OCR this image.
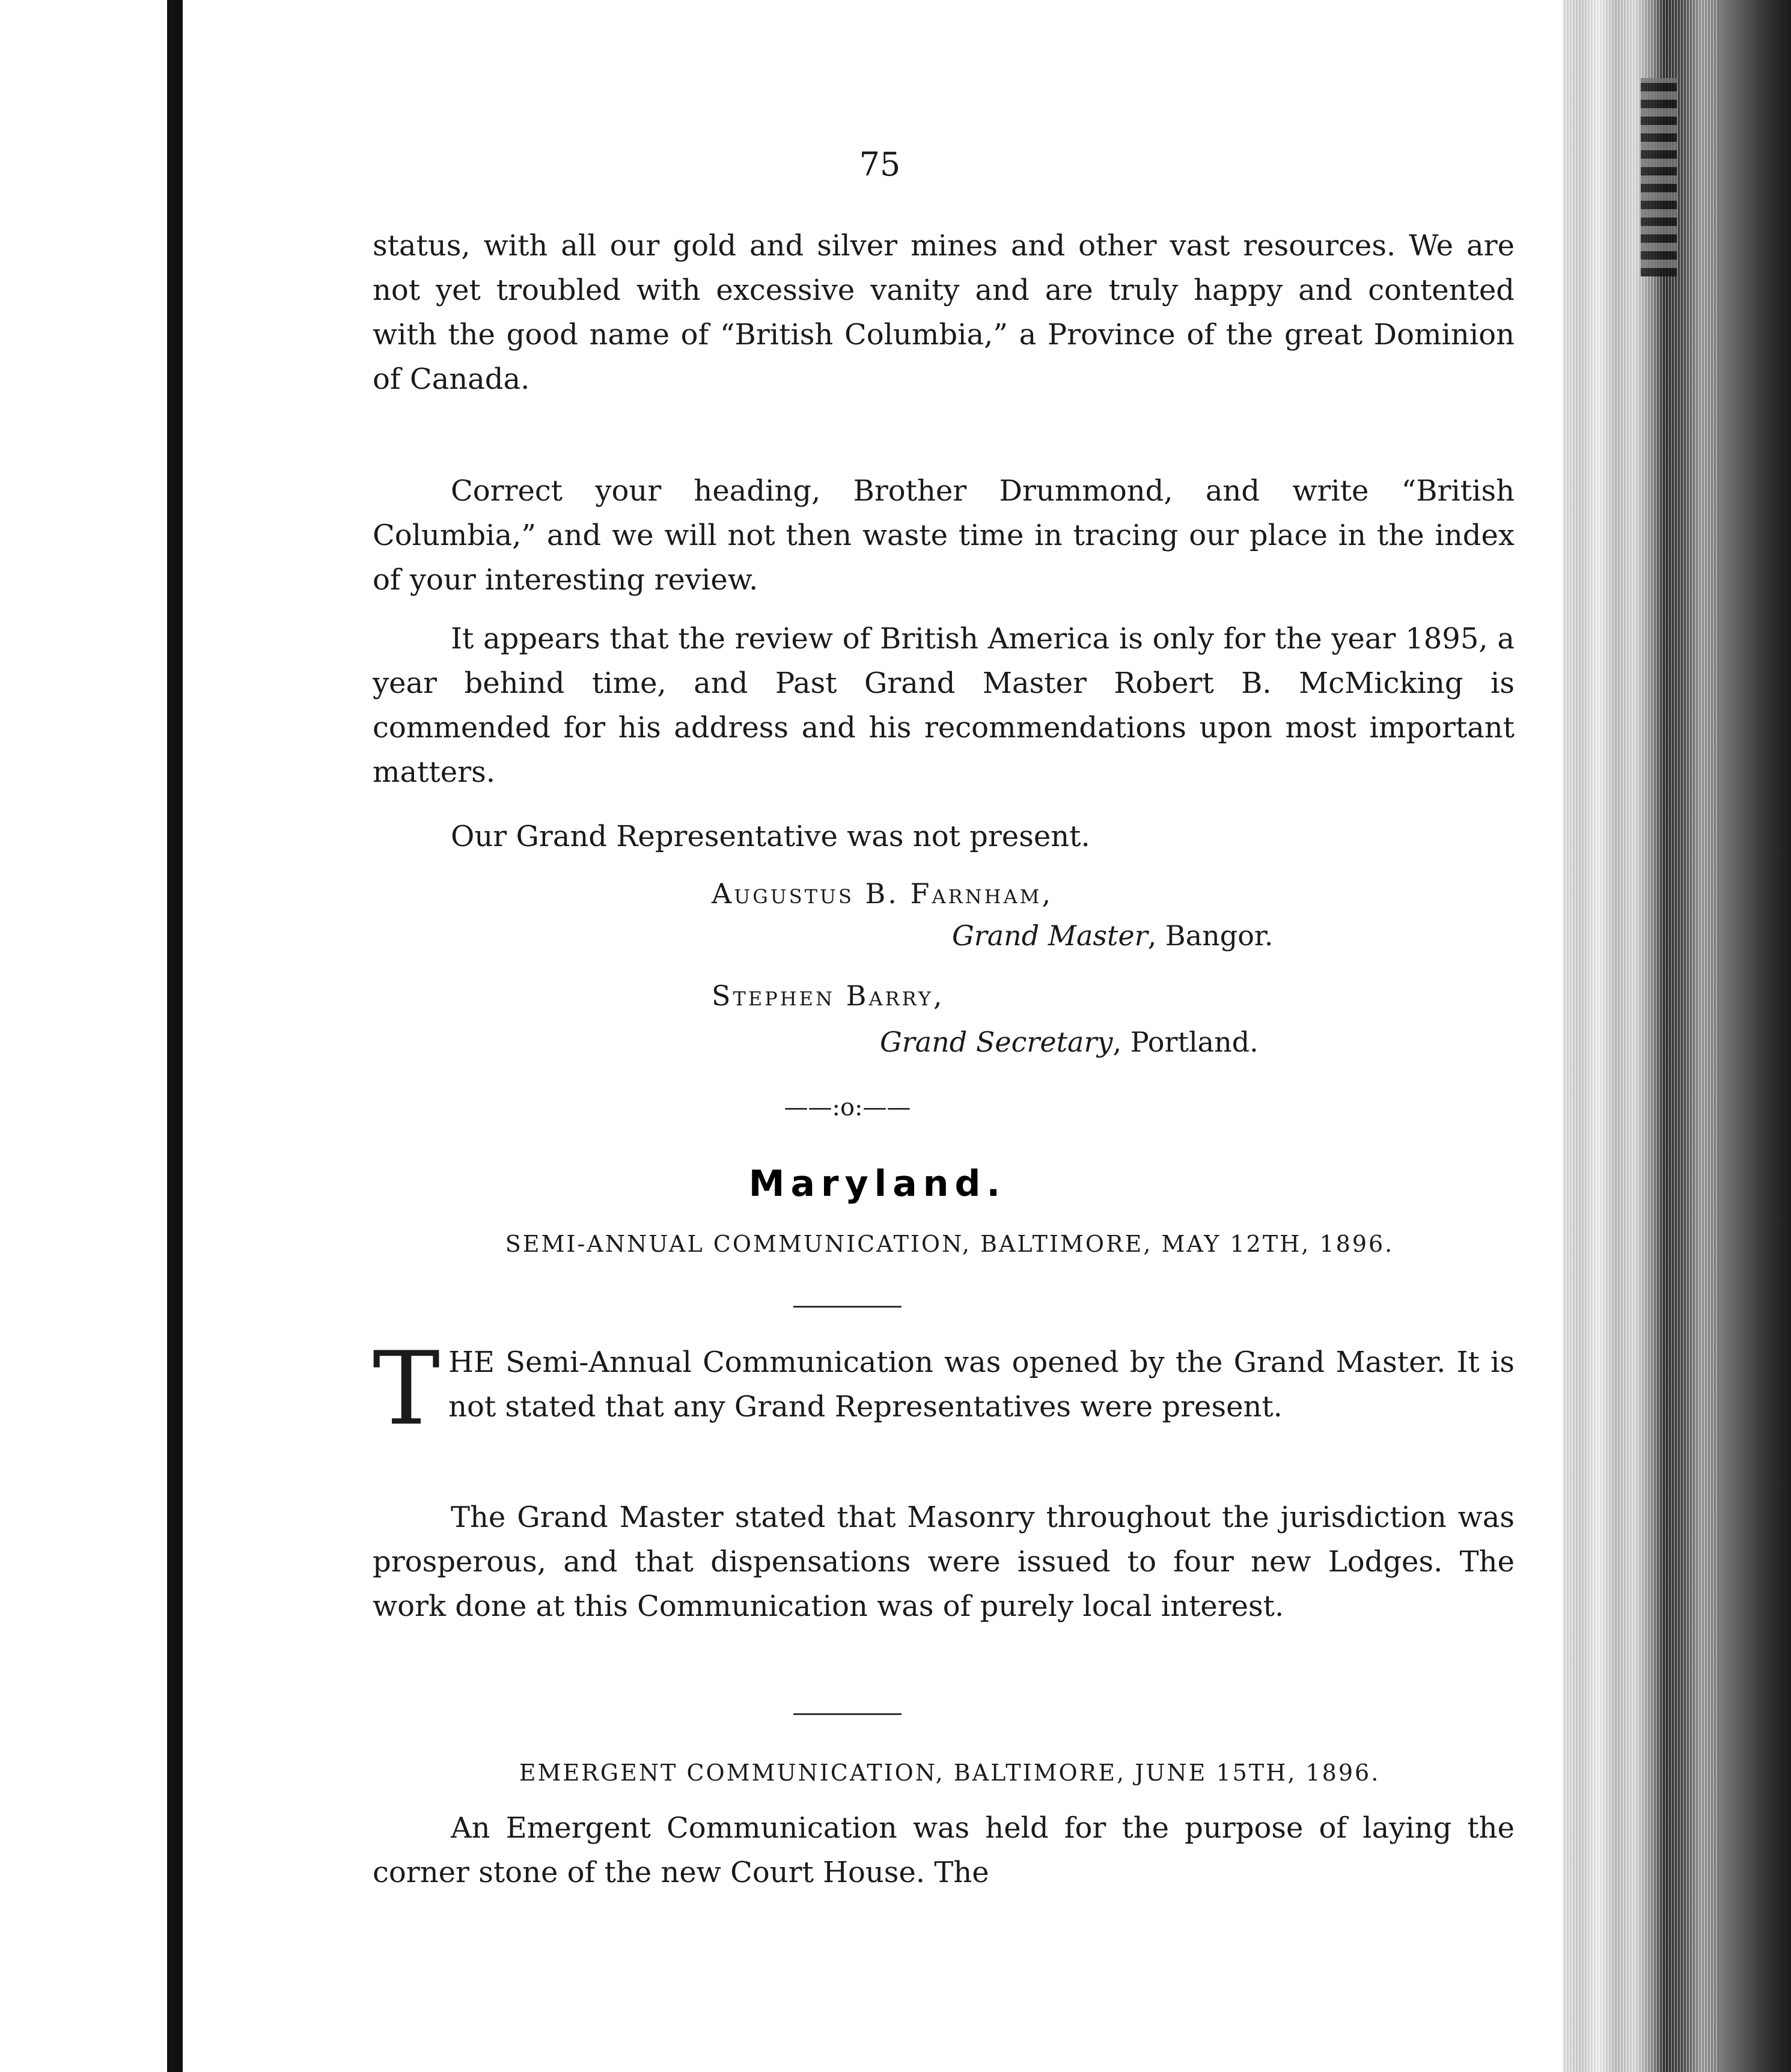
75
status, with all our gold and silver mines and other vast resources. We are not yet troubled with excessive vanity and are truly happy and contented with the good name of “British Columbia,” a Province of the great Dominion of Canada.
Correct your heading, Brother Drummond, and write “British Columbia,” and we will not then waste time in tracing our place in the index of your interesting review.
It appears that the review of British America is only for the year 1895, a year behind time, and Past Grand Master Robert B. McMicking is commended for his address and his recommendations upon most important matters.
Our Grand Representative was not present.
Augustus B. Farnham,
Grand Master, Bangor.
Stephen Barry,
Grand Secretary, Portland.
——:o:——
Maryland.
SEMI-ANNUAL COMMUNICATION, BALTIMORE, MAY 12TH, 1896.
THE Semi-Annual Communication was opened by the Grand Master. It is not stated that any Grand Representatives were present.
The Grand Master stated that Masonry throughout the jurisdiction was prosperous, and that dispensations were issued to four new Lodges. The work done at this Communication was of purely local interest.
EMERGENT COMMUNICATION, BALTIMORE, JUNE 15TH, 1896.
An Emergent Communication was held for the purpose of laying the corner stone of the new Court House. The
